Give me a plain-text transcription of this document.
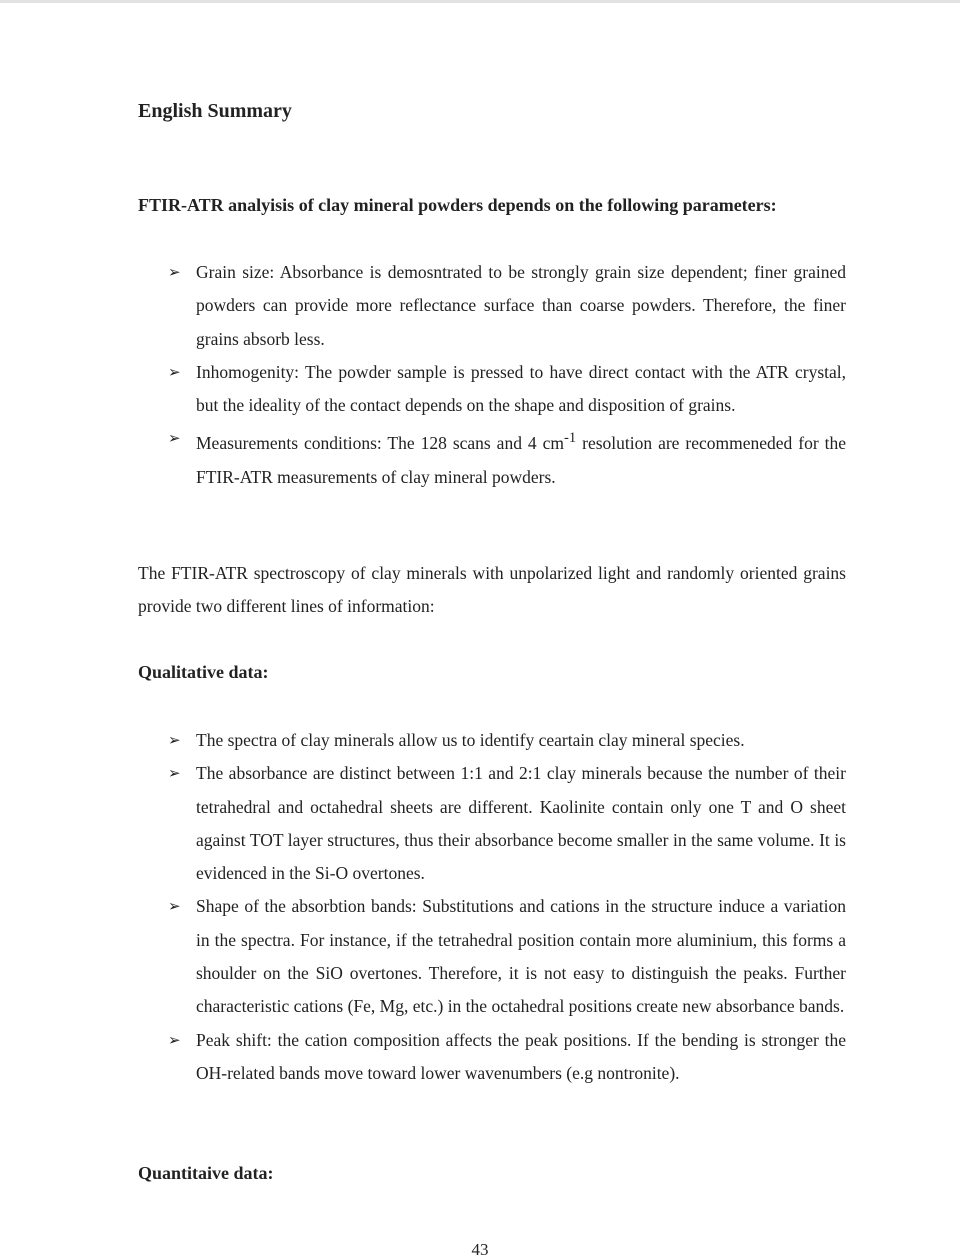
English Summary
FTIR-ATR analyisis of clay mineral powders depends on the following parameters:
➢ Grain size: Absorbance is demosntrated to be strongly grain size dependent; finer grained powders can provide more reflectance surface than coarse powders. Therefore, the finer grains absorb less.
➢ Inhomogenity: The powder sample is pressed to have direct contact with the ATR crystal, but the ideality of the contact depends on the shape and disposition of grains.
➢ Measurements conditions: The 128 scans and 4 $cm^{-1}$ resolution are recommeneded for the FTIR-ATR measurements of clay mineral powders.

The FTIR-ATR spectroscopy of clay minerals with unpolarized light and randomly oriented grains provide two different lines of information:

Qualitative data:
➢ The spectra of clay minerals allow us to identify ceartain clay mineral species.
➢ The absorbance are distinct between 1:1 and 2:1 clay minerals because the number of their tetrahedral and octahedral sheets are different. Kaolinite contain only one T and O sheet against TOT layer structures, thus their absorbance become smaller in the same volume. It is evidenced in the Si-O overtones.
➢ Shape of the absorbtion bands: Substitutions and cations in the structure induce a variation in the spectra. For instance, if the tetrahedral position contain more aluminium, this forms a shoulder on the SiO overtones. Therefore, it is not easy to distinguish the peaks. Further characteristic cations (Fe, Mg, etc.) in the octahedral positions create new absorbance bands.
➢ Peak shift: the cation composition affects the peak positions. If the bending is stronger the OH-related bands move toward lower wavenumbers (e.g nontronite).
Quantitaive data:
43
